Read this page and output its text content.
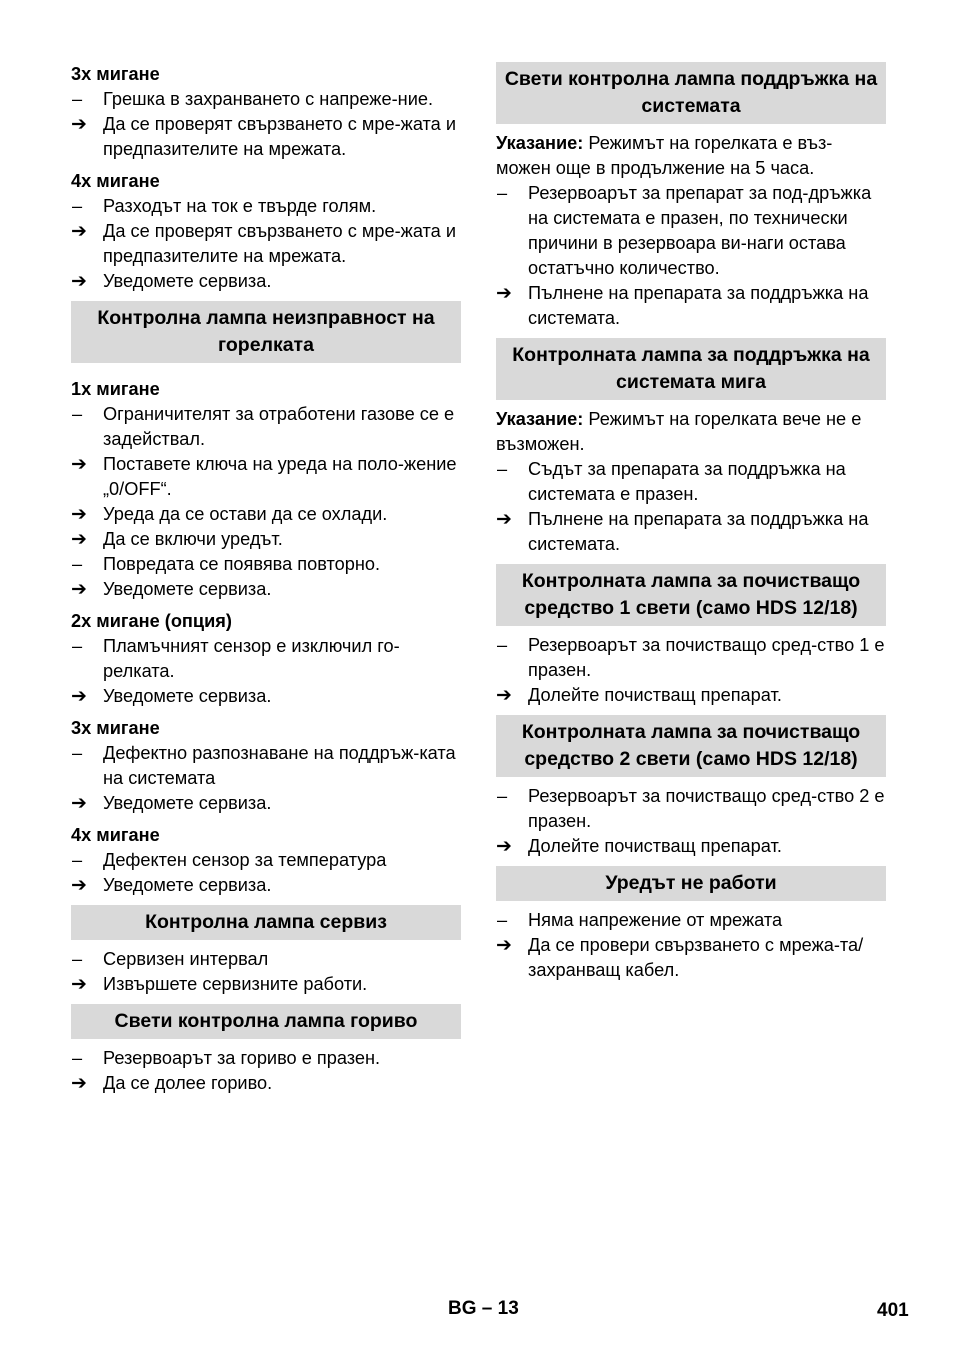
3x мигане

–	Грешка в захранването с напреже-ние.
➔ Да се проверят свързването с мре-жата и предпазителите на мрежата.

4x мигане

–	Разходът на ток е твърде голям.
➔ Да се проверят свързването с мре-жата и предпазителите на мрежата.
➔ Уведомете сервиза.
Контролна лампа неизправност на горелката

1x мигане

–	Ограничителят за отработени газове се е задействал.
➔ Поставете ключа на уреда на поло-жение „0/OFF“.
➔ Уреда да се остави да се охлади.
➔ Да се включи уредът.
–	Повредата се появява повторно.
➔ Уведомете сервиза.

2x мигане (опция)

–	Пламъчният сензор е изключил го-релката.
➔ Уведомете сервиза.

3x мигане

–	Дефектно разпознаване на поддръж-ката на системата
➔ Уведомете сервиза.

4x мигане

–	Дефектен сензор за температура
➔ Уведомете сервиза.
Контролна лампа сервиз
–	Сервизен интервал
➔ Извършете сервизните работи.
Свети контролна лампа гориво
–	Резервоарът за гориво е празен.
➔ Да се долее гориво.
Свети контролна лампа поддръжка на системата
Указание: Режимът на горелката е въз-можен още в продължение на 5 часа.
–	Резервоарът за препарат за под-дръжка на системата е празен, по технически причини в резервоара ви-наги остава остатъчно количество.
➔ Пълнене на препарата за поддръжка на системата.
Контролната лампа за поддръжка на системата мига
Указание: Режимът на горелката вече не е възможен.
–	Съдът за препарата за поддръжка на системата е празен.
➔ Пълнене на препарата за поддръжка на системата.
Контролната лампа за почистващо средство 1 свети (само HDS 12/18)
–	Резервоарът за почистващо сред-ство 1 е празен.
➔ Долейте почистващ препарат.
Контролната лампа за почистващо средство 2 свети (само HDS 12/18)
–	Резервоарът за почистващо сред-ство 2 е празен.
➔ Долейте почистващ препарат.
Уредът не работи
–	Няма напрежение от мрежата
➔ Да се провери свързването с мрежа-та/захранващ кабел.
BG – 13	401
